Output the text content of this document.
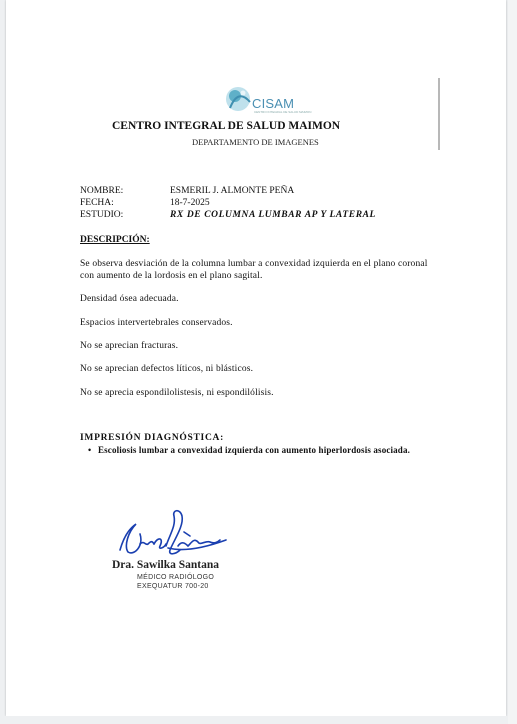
CISAM
CENTRO INTEGRAL DE SALUD MAIMON
CENTRO INTEGRAL DE SALUD MAIMON
DEPARTAMENTO DE IMAGENES
NOMBRE:	ESMERIL J. ALMONTE PEÑA
FECHA:	18-7-2025
ESTUDIO:	RX DE COLUMNA LUMBAR AP Y LATERAL
DESCRIPCIÓN:
Se observa desviación de la columna lumbar a convexidad izquierda en el plano coronal con aumento de la lordosis en el plano sagital.
Densidad ósea adecuada.
Espacios intervertebrales conservados.
No se aprecian fracturas.
No se aprecian defectos líticos, ni blásticos.
No se aprecia espondilolistesis, ni espondilólisis.
IMPRESIÓN DIAGNÓSTICA:
• Escoliosis lumbar a convexidad izquierda con aumento hiperlordosis asociada.
Dra. Sawilka Santana
MÉDICO RADIÓLOGO
EXEQUATUR 700-20
